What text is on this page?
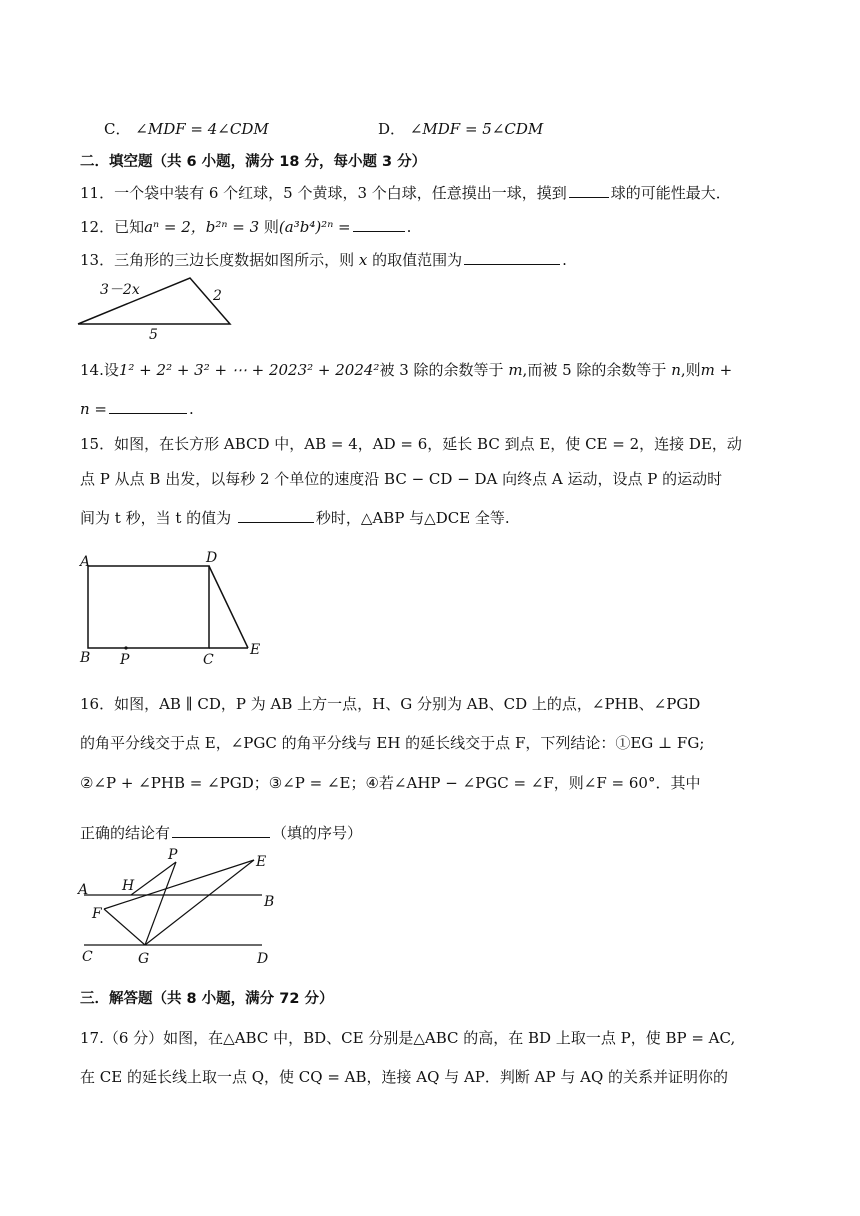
C． ∠MDF = 4∠CDM	D． ∠MDF = 5∠CDM
二．填空题（共 6 小题，满分 18 分，每小题 3 分）
11．一个袋中装有 6 个红球，5 个黄球，3 个白球，任意摸出一球，摸到	球的可能性最大．
12．已知aⁿ = 2，b²ⁿ = 3 则(a³b⁴)²ⁿ =	.
13．三角形的三边长度数据如图所示，则 x 的取值范围为	.
3－2x	2
5
14.设1² + 2² + 3² + ⋯ + 2023² + 2024²被 3 除的余数等于 m,而被 5 除的余数等于 n,则m +
n =	.
15．如图，在长方形 ABCD 中，AB = 4，AD = 6，延长 BC 到点 E，使 CE = 2，连接 DE，动
点 P 从点 B 出发，以每秒 2 个单位的速度沿 BC − CD − DA 向终点 A 运动，设点 P 的运动时
间为 t 秒，当 t 的值为	秒时，△ABP 与△DCE 全等.
A	D
B P	C
E
16．如图，AB ∥ CD，P 为 AB 上方一点，H、G 分别为 AB、CD 上的点，∠PHB、∠PGD
的角平分线交于点 E，∠PGC 的角平分线与 EH 的延长线交于点 F，下列结论：①EG ⊥ FG;
②∠P + ∠PHB = ∠PGD；③∠P = ∠E；④若∠AHP − ∠PGC = ∠F，则∠F = 60°．其中
正确的结论有	（填的序号）
P	E
A H
B
F
C	G	D
三．解答题（共 8 小题，满分 72 分）
17.（6 分）如图，在△ABC 中，BD、CE 分别是△ABC 的高，在 BD 上取一点 P，使 BP = AC,
在 CE 的延长线上取一点 Q，使 CQ = AB，连接 AQ 与 AP．判断 AP 与 AQ 的关系并证明你的
